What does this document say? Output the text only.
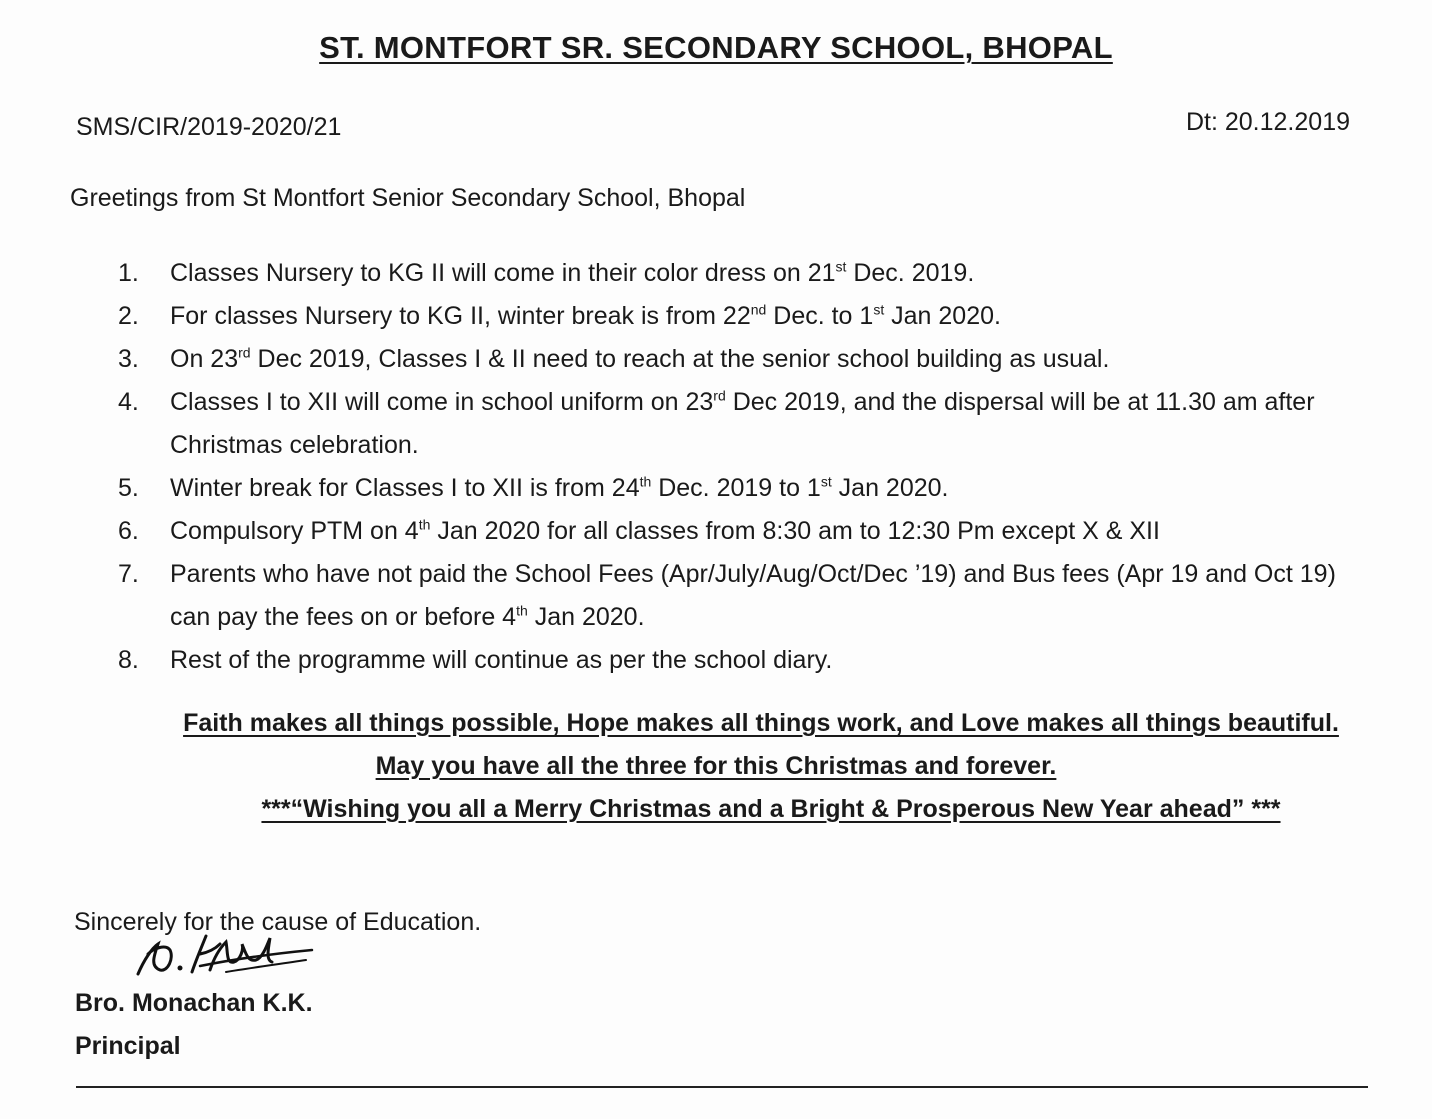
ST. MONTFORT SR. SECONDARY SCHOOL, BHOPAL
SMS/CIR/2019-2020/21	Dt: 20.12.2019
Greetings from St Montfort Senior Secondary School, Bhopal
1.	Classes Nursery to KG II will come in their color dress on 21st Dec. 2019.
2.	For classes Nursery to KG II, winter break is from 22nd Dec. to 1st Jan 2020.
3.	On 23rd Dec 2019, Classes I & II need to reach at the senior school building as usual.
4.	Classes I to XII will come in school uniform on 23rd Dec 2019, and the dispersal will be at 11.30 am after Christmas celebration.
5.	Winter break for Classes I to XII is from 24th Dec. 2019 to 1st Jan 2020.
6.	Compulsory PTM on 4th Jan 2020 for all classes from 8:30 am to 12:30 Pm except X & XII
7.	Parents who have not paid the School Fees (Apr/July/Aug/Oct/Dec ’19) and Bus fees (Apr 19 and Oct 19) can pay the fees on or before 4th Jan 2020.
8.	Rest of the programme will continue as per the school diary.
Faith makes all things possible, Hope makes all things work, and Love makes all things beautiful.
May you have all the three for this Christmas and forever.
***“Wishing you all a Merry Christmas and a Bright & Prosperous New Year ahead” ***
Sincerely for the cause of Education.
Bro. Monachan K.K.
Principal
